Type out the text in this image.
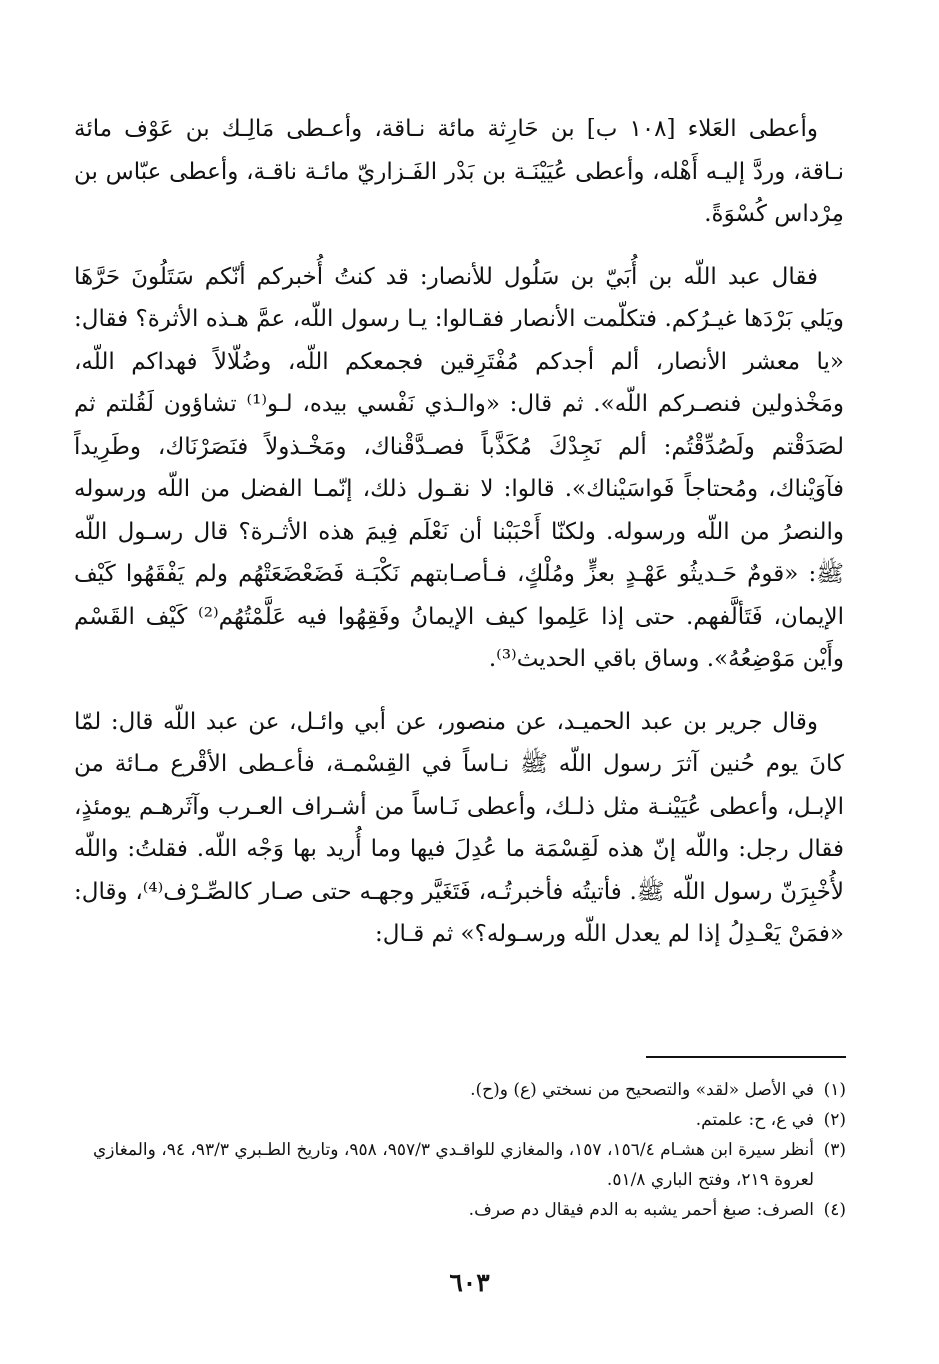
وأعطى العَلاء [١٠٨ ب] بن حَارِثة مائة نـاقة، وأعـطى مَالِـك بن عَوْف مائة نـاقة، وردَّ إليـه أَهْله، وأعطى عُيَيْنَـة بن بَدْر الفَـزاريّ مائـة ناقـة، وأعطى عبّاس بن مِرْداس كُسْوَةً.

فقال عبد اللّه بن أُبَيّ بن سَلُول للأنصار: قد كنتُ أُخبركم أنّكم سَتَلُونَ حَرَّهَا ويَلي بَرْدَها غيـرُكم. فتكلّمت الأنصار فقـالوا: يـا رسول اللّه، عمَّ هـذه الأثرة؟ فقال: «يا معشر الأنصار، ألم أجدكم مُفْتَرِقين فجمعكم اللّه، وضُلّالاً فهداكم اللّه، ومَخْذولين فنصـركم اللّه». ثم قال: «والـذي نَفْسي بيده، لـو⁽¹⁾ تشاؤون لَقُلتم ثم لصَدَقْتم ولَصُدِّقْتُم: ألم نَجِدْكَ مُكَذَّباً فصـدَّقْناك، ومَخْـذولاً فنَصَرْنَاك، وطَرِيداً فآوَيْناك، ومُحتاجاً فَواسَيْناك». قالوا: لا نقـول ذلك، إنّمـا الفضل من اللّه ورسوله والنصرُ من اللّه ورسوله. ولكنّا أَحْبَبْنا أن نَعْلَم فِيمَ هذه الأثـرة؟ قال رسـول اللّه ﷺ: «قومٌ حَـديثُو عَهْـدٍ بعزٍّ ومُلْكٍ، فـأصـابتهم نَكْبَـة فَضَعْضَعَتْهُم ولم يَفْقَهُوا كَيْف الإيمان، فَتَألَّفهم. حتى إذا عَلِموا كيف الإيمانُ وفَقِهُوا فيه عَلَّمْتُهُم⁽²⁾ كَيْف القَسْم وأَيْن مَوْضِعُهُ». وساق باقي الحديث⁽³⁾.

وقال جرير بن عبد الحميـد، عن منصور، عن أبي وائـل، عن عبد اللّه قال: لمّا كانَ يوم حُنين آثرَ رسول اللّه ﷺ نـاساً في القِسْمـة، فأعـطى الأقْرع مـائة من الإبـل، وأعطى عُيَيْنـة مثل ذلـك، وأعطى نَـاساً من أشـراف العـرب وآثَرهـم يومئذٍ، فقال رجل: واللّه إنّ هذه لَقِسْمَة ما عُدِلَ فيها وما أُريد بها وَجْه اللّه. فقلتُ: واللّه لأُخْبِرَنّ رسول اللّه ﷺ. فأتيتُه فأخبرتُـه، فَتَغَيَّر وجهـه حتى صـار كالصِّـرْف⁽⁴⁾، وقال: «فمَنْ يَعْـدِلُ إذا لم يعدل اللّه ورسـوله؟» ثم قـال:

(١)
في الأصل «لقد» والتصحيح من نسختي (ع) و(ح).

(٢)
في ع، ح: علمتم.

(٣)
أنظر سيرة ابن هشـام ١٥٦/٤، ١٥٧، والمغازي للواقـدي ٩٥٧/٣، ٩٥٨، وتاريخ الطـبري ٩٣/٣، ٩٤، والمغازي لعروة ٢١٩، وفتح الباري ٥١/٨.

(٤)
الصرف: صبغ أحمر يشبه به الدم فيقال دم صرف.

٦٠٣
